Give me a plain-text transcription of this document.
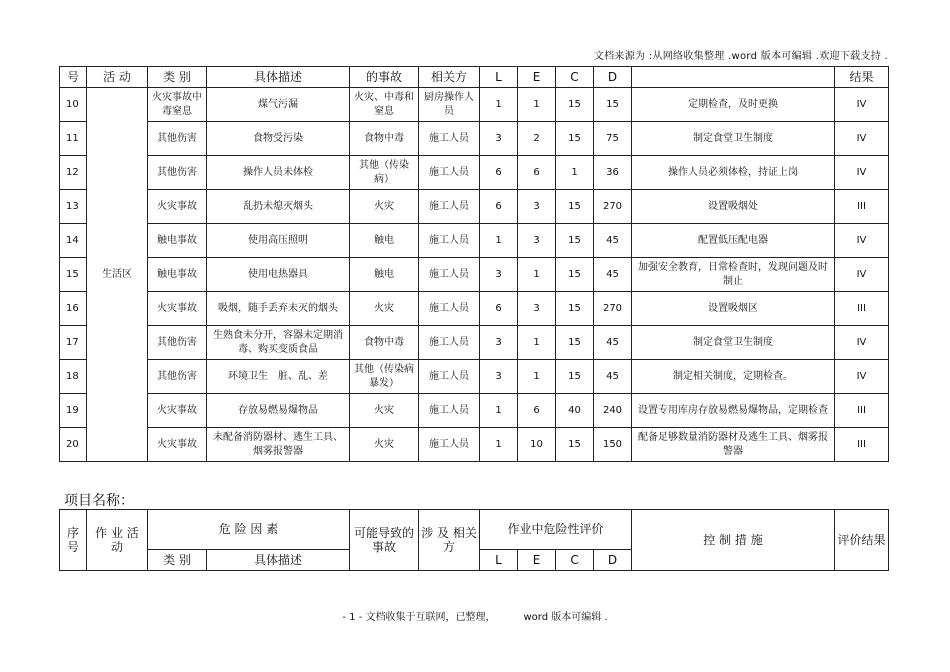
文档来源为 :从网络收集整理 .word 版本可编辑 .欢迎下载支持 .
号	活 动	类 别	具体描述	的事故	相关方	L	E	C	D		结果
10	生活区	火灾事故中毒窒息	煤气污漏	火灾、中毒和窒息	厨房操作人员	1	1	15	15	定期检查，及时更换	IV
11		其他伤害	食物受污染	食物中毒	施工人员	3	2	15	75	制定食堂卫生制度	IV
12		其他伤害	操作人员未体检	其他（传染病）	施工人员	6	6	1	36	操作人员必须体检，持证上岗	IV
13		火灾事故	乱扔未熄灭烟头	火灾	施工人员	6	3	15	270	设置吸烟处	III
14		触电事故	使用高压照明	触电	施工人员	1	3	15	45	配置低压配电器	IV
15		触电事故	使用电热器具	触电	施工人员	3	1	15	45	加强安全教育，日常检查时，发现问题及时制止	IV
16		火灾事故	吸烟，随手丢弃未灭的烟头	火灾	施工人员	6	3	15	270	设置吸烟区	III
17		其他伤害	生熟食未分开，容器未定期消毒、购买变质食品	食物中毒	施工人员	3	1	15	45	制定食堂卫生制度	IV
18		其他伤害	环境卫生　脏、乱、差	其他（传染病暴发）	施工人员	3	1	15	45	制定相关制度，定期检查。	IV
19		火灾事故	存放易燃易爆物品	火灾	施工人员	1	6	40	240	设置专用库房存放易燃易爆物品，定期检查	III
20		火灾事故	未配备消防器材、逃生工具、烟雾报警器	火灾	施工人员	1	10	15	150	配备足够数量消防器材及逃生工具、烟雾报警器	III
项目名称：
序号	作 业 活 动	危 险 因 素		可能导致的事故	涉 及 相关方	作业中危险性评价				控 制 措 施	评价结果
		类 别	具体描述			L	E	C	D		
- 1 - 文档收集于互联网，已整理，	word 版本可编辑 .
